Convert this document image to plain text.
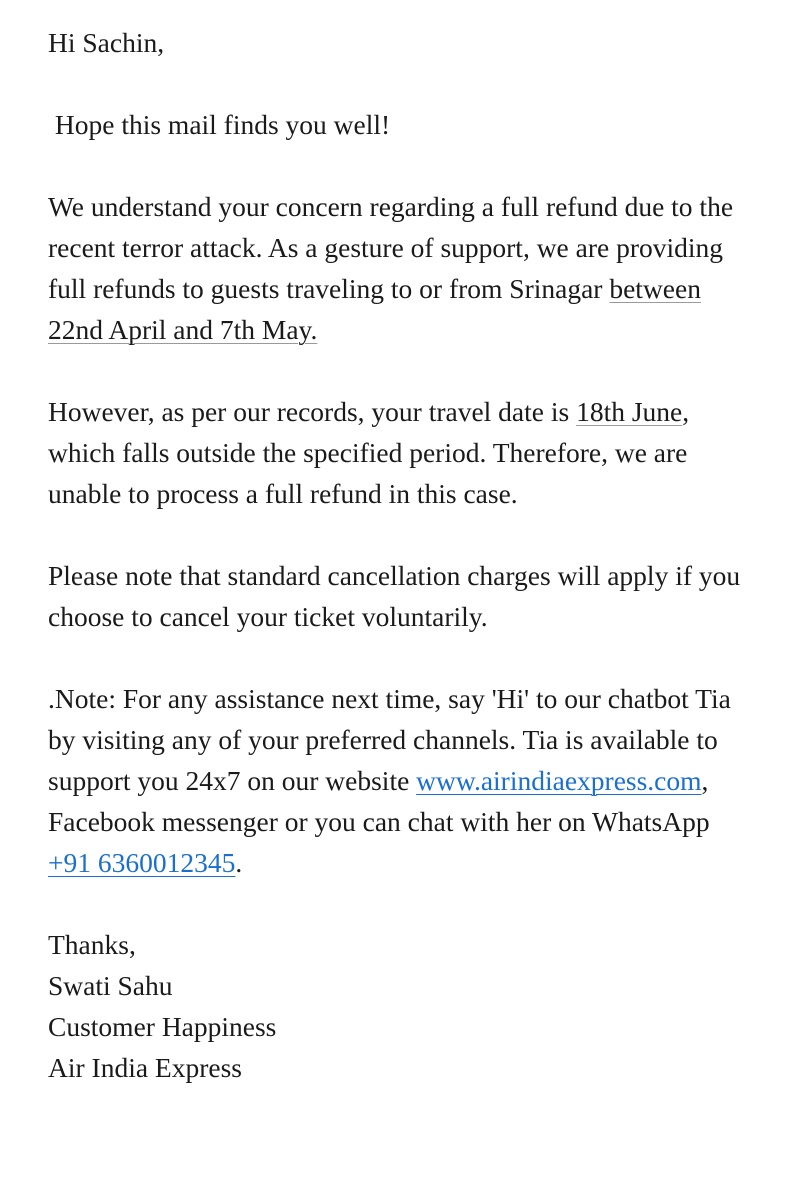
Hi Sachin,

Hope this mail finds you well!

We understand your concern regarding a full refund due to the recent terror attack. As a gesture of support, we are providing full refunds to guests traveling to or from Srinagar between 22nd April and 7th May.

However, as per our records, your travel date is 18th June, which falls outside the specified period. Therefore, we are unable to process a full refund in this case.

Please note that standard cancellation charges will apply if you choose to cancel your ticket voluntarily.

.Note: For any assistance next time, say 'Hi' to our chatbot Tia by visiting any of your preferred channels. Tia is available to support you 24x7 on our website www.airindiaexpress.com, Facebook messenger or you can chat with her on WhatsApp +91 6360012345.

Thanks,
Swati Sahu
Customer Happiness
Air India Express
